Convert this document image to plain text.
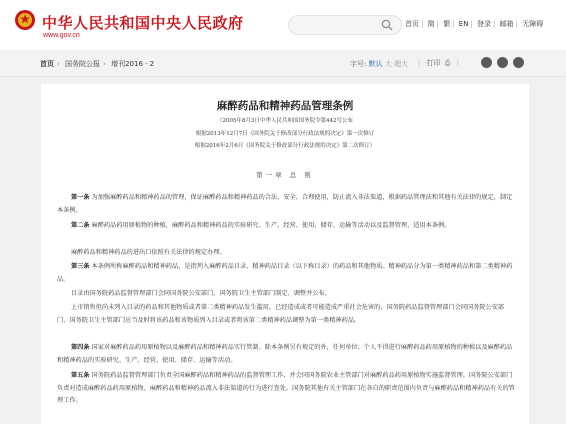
中华人民共和国中央人民政府
www.gov.cn
首页 | 简 | 繁 | EN | 登录 | 邮箱 | 无障碍
首页 › 国务院公报 › 增刊2016 · 2	字号: 默认 大 超大 | 打印 ⎙ |
麻醉药品和精神药品管理条例
（2005年8月3日中华人民共和国国务院令第442号公布
根据2013年12月7日《国务院关于修改部分行政法规的决定》第一次修订
根据2016年2月6日《国务院关于修改部分行政法规的决定》第二次修订）
第一章 总 则
第一条 为加强麻醉药品和精神药品的管理，保证麻醉药品和精神药品的合法、安全、合理使用，防止流入非法渠道，根据药品管理法和其他有关法律的规定，制定本条例。
第二条 麻醉药品药用原植物的种植，麻醉药品和精神药品的实验研究、生产、经营、使用、储存、运输等活动以及监督管理，适用本条例。
麻醉药品和精神药品的进出口依照有关法律的规定办理。
第三条 本条例所称麻醉药品和精神药品，是指列入麻醉药品目录、精神药品目录（以下称目录）的药品和其他物质。精神药品分为第一类精神药品和第二类精神药品。
目录由国务院药品监督管理部门会同国务院公安部门、国务院卫生主管部门制定、调整并公布。
上市销售但尚未列入目录的药品和其他物质或者第二类精神药品发生滥用，已经造成或者可能造成严重社会危害的，国务院药品监督管理部门会同国务院公安部门、国务院卫生主管部门应当及时将该药品和该物质列入目录或者将该第二类精神药品调整为第一类精神药品。
第四条 国家对麻醉药品药用原植物以及麻醉药品和精神药品实行管制。除本条例另有规定的外，任何单位、个人不得进行麻醉药品药用原植物的种植以及麻醉药品和精神药品的实验研究、生产、经营、使用、储存、运输等活动。
第五条 国务院药品监督管理部门负责全国麻醉药品和精神药品的监督管理工作，并会同国务院农业主管部门对麻醉药品药用原植物实施监督管理。国务院公安部门负责对造成麻醉药品药用原植物、麻醉药品和精神药品流入非法渠道的行为进行查处。国务院其他有关主管部门在各自的职责范围内负责与麻醉药品和精神药品有关的管理工作。
